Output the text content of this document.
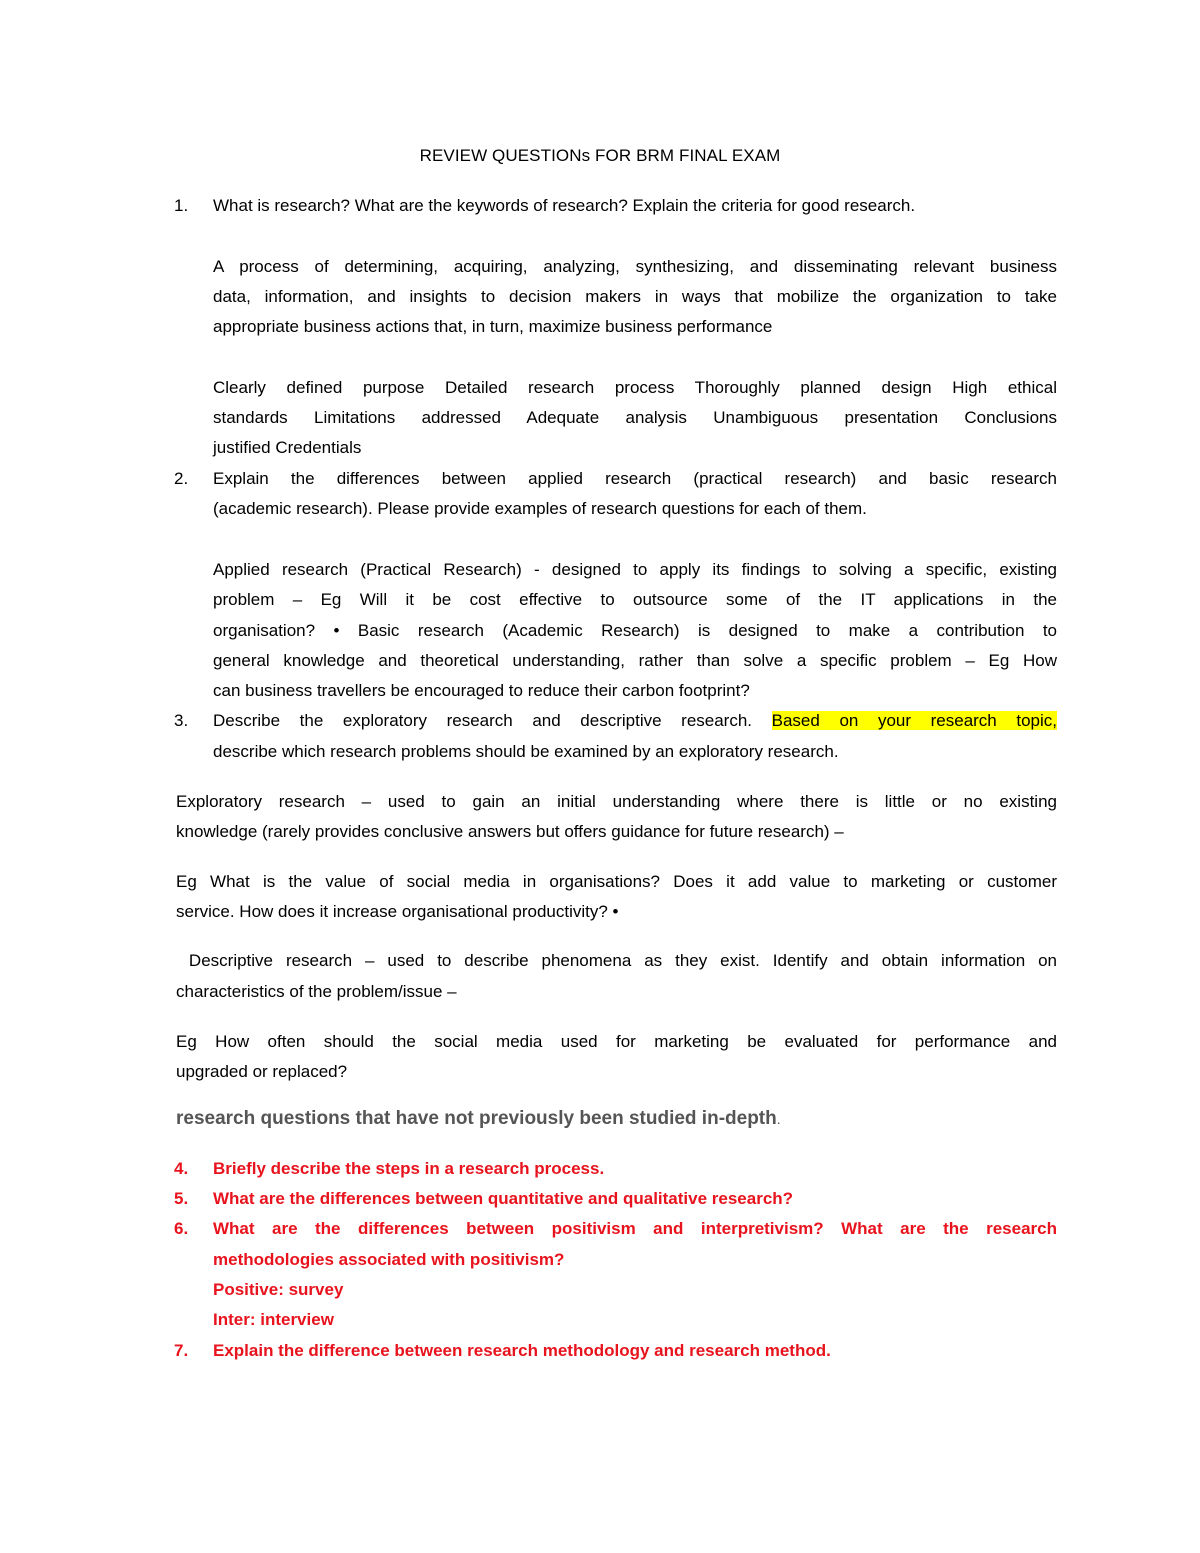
REVIEW QUESTIONs FOR BRM FINAL EXAM
1.	What is research? What are the keywords of research? Explain the criteria for good research.
A process of determining, acquiring, analyzing, synthesizing, and disseminating relevant business
data, information, and insights to decision makers in ways that mobilize the organization to take
appropriate business actions that, in turn, maximize business performance
Clearly defined purpose Detailed research process Thoroughly planned design High ethical
standards Limitations addressed Adequate analysis Unambiguous presentation Conclusions
justified Credentials
2.	Explain the differences between applied research (practical research) and basic research
(academic research). Please provide examples of research questions for each of them.
Applied research (Practical Research) - designed to apply its findings to solving a specific, existing
problem – Eg Will it be cost effective to outsource some of the IT applications in the
organisation? • Basic research (Academic Research) is designed to make a contribution to
general knowledge and theoretical understanding, rather than solve a specific problem – Eg How
can business travellers be encouraged to reduce their carbon footprint?
3.	Describe the exploratory research and descriptive research. Based on your research topic,
describe which research problems should be examined by an exploratory research.
Exploratory research – used to gain an initial understanding where there is little or no existing
knowledge (rarely provides conclusive answers but offers guidance for future research) –
Eg What is the value of social media in organisations? Does it add value to marketing or customer
service. How does it increase organisational productivity? •
Descriptive research – used to describe phenomena as they exist. Identify and obtain information on
characteristics of the problem/issue –
Eg How often should the social media used for marketing be evaluated for performance and
upgraded or replaced?
research questions that have not previously been studied in-depth.
4.	Briefly describe the steps in a research process.
5.	What are the differences between quantitative and qualitative research?
6.	What are the differences between positivism and interpretivism? What are the research
methodologies associated with positivism?
Positive: survey
Inter: interview
7.	Explain the difference between research methodology and research method.
